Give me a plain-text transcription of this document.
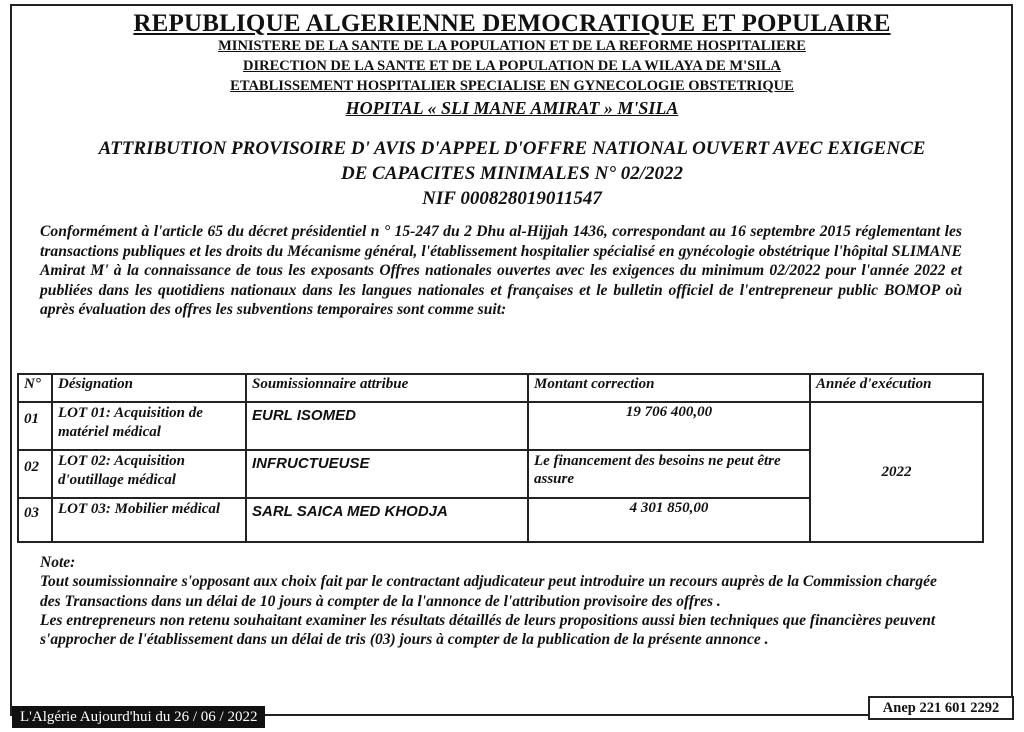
REPUBLIQUE ALGERIENNE DEMOCRATIQUE ET POPULAIRE
MINISTERE DE LA SANTE DE LA POPULATION ET DE LA REFORME HOSPITALIERE
DIRECTION DE LA SANTE ET DE LA POPULATION DE LA WILAYA DE M'SILA
ETABLISSEMENT HOSPITALIER SPECIALISE EN GYNECOLOGIE OBSTETRIQUE
HOPITAL « SLI MANE AMIRAT » M'SILA
ATTRIBUTION PROVISOIRE D' AVIS D'APPEL D'OFFRE NATIONAL OUVERT AVEC EXIGENCE
DE CAPACITES MINIMALES N° 02/2022
NIF 000828019011547
Conformément à l'article 65 du décret présidentiel n ° 15-247 du 2 Dhu al-Hijjah 1436, correspondant au 16 septembre 2015 réglementant les transactions publiques et les droits du Mécanisme général, l'établissement hospitalier spécialisé en gynécologie obstétrique l'hôpital SLIMANE Amirat M' à la connaissance de tous les exposants Offres nationales ouvertes avec les exigences du minimum 02/2022 pour l'année 2022 et publiées dans les quotidiens nationaux dans les langues nationales et françaises et le bulletin officiel de l'entrepreneur public BOMOP où après évaluation des offres les subventions temporaires sont comme suit:
N°	Désignation	Soumissionnaire attribue	Montant correction	Année d'exécution
01	LOT 01: Acquisition de matériel médical	EURL ISOMED	19 706 400,00	2022
02	LOT 02: Acquisition d'outillage médical	INFRUCTUEUSE	Le financement des besoins ne peut être assure	
03	LOT 03: Mobilier médical	SARL SAICA MED KHODJA	4 301 850,00	

Note:

Tout soumissionnaire s'opposant aux choix fait par le contractant adjudicateur peut introduire un recours auprès de la Commission chargée des Transactions dans un délai de 10 jours à compter de la l'annonce de l'attribution provisoire des offres .

Les entrepreneurs non retenu souhaitant examiner les résultats détaillés de leurs propositions aussi bien techniques que financières peuvent s'approcher de l'établissement dans un délai de tris (03) jours à compter de la publication de la présente annonce .

L'Algérie Aujourd'hui du 26 / 06 / 2022
Anep 221 601 2292
